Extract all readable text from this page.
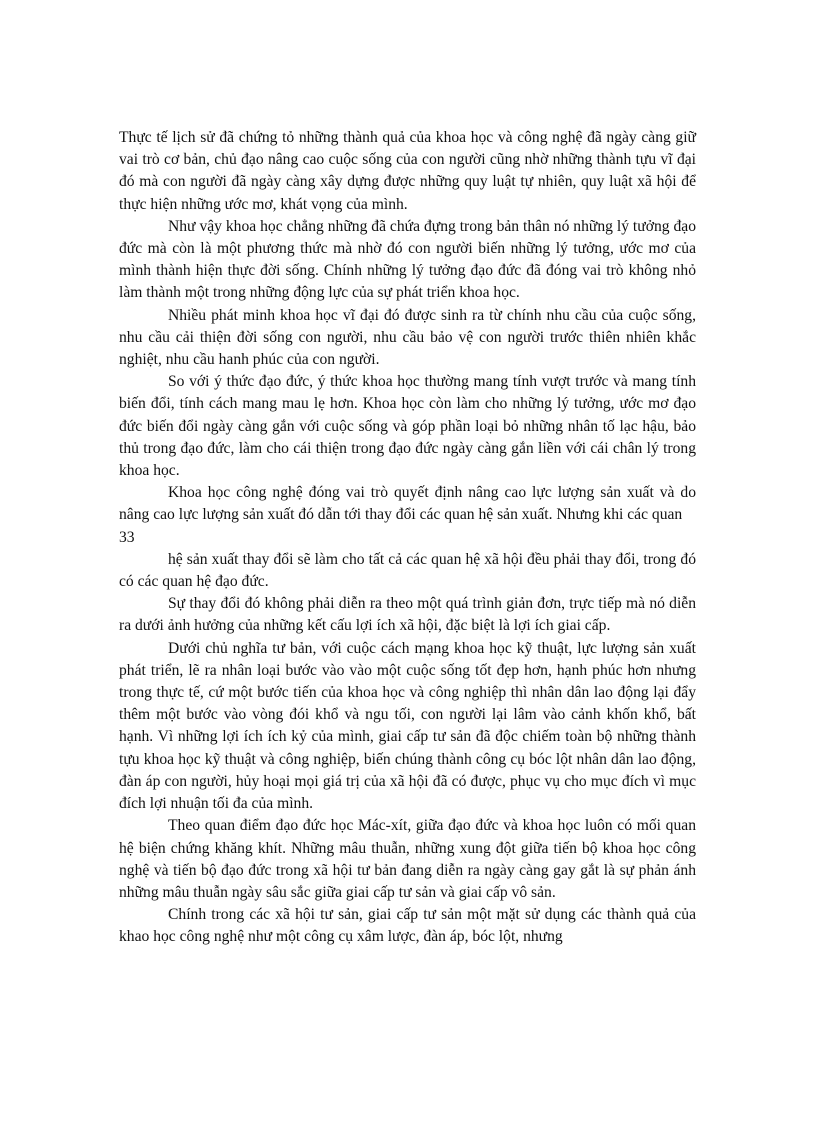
Thực tế lịch sử đã chứng tỏ những thành quả của khoa học và công nghệ đã ngày càng giữ vai trò cơ bản, chủ đạo nâng cao cuộc sống của con người cũng nhờ những thành tựu vĩ đại đó mà con người đã ngày càng xây dựng được những quy luật tự nhiên, quy luật xã hội để thực hiện những ước mơ, khát vọng của mình.

Như vậy khoa học chẳng những đã chứa đựng trong bản thân nó những lý tưởng đạo đức mà còn là một phương thức mà nhờ đó con người biến những lý tưởng, ước mơ của mình thành hiện thực đời sống. Chính những lý tưởng đạo đức đã đóng vai trò không nhỏ làm thành một trong những động lực của sự phát triển khoa học.

Nhiều phát minh khoa học vĩ đại đó được sinh ra từ chính nhu cầu của cuộc sống, nhu cầu cải thiện đời sống con người, nhu cầu bảo vệ con người trước thiên nhiên khắc nghiệt, nhu cầu hanh phúc của con người.

So với ý thức đạo đức, ý thức khoa học thường mang tính vượt trước và mang tính biến đổi, tính cách mang mau lẹ hơn. Khoa học còn làm cho những lý tưởng, ước mơ đạo đức biến đổi ngày càng gắn với cuộc sống và góp phần loại bỏ những nhân tố lạc hậu, bảo thủ trong đạo đức, làm cho cái thiện trong đạo đức ngày càng gắn liền với cái chân lý trong khoa học.

Khoa học công nghệ đóng vai trò quyết định nâng cao lực lượng sản xuất và do nâng cao lực lượng sản xuất đó dẫn tới thay đổi các quan hệ sản xuất. Nhưng khi các quan

33

hệ sản xuất thay đổi sẽ làm cho tất cả các quan hệ xã hội đều phải thay đổi, trong đó có các quan hệ đạo đức.

Sự thay đổi đó không phải diễn ra theo một quá trình giản đơn, trực tiếp mà nó diễn ra dưới ảnh hưởng của những kết cấu lợi ích xã hội, đặc biệt là lợi ích giai cấp.

Dưới chủ nghĩa tư bản, với cuộc cách mạng khoa học kỹ thuật, lực lượng sản xuất phát triển, lẽ ra nhân loại bước vào vào một cuộc sống tốt đẹp hơn, hạnh phúc hơn nhưng trong thực tế, cứ một bước tiến của khoa học và công nghiệp thì nhân dân lao động lại đẩy thêm một bước vào vòng đói khổ và ngu tối, con người lại lâm vào cảnh khốn khổ, bất hạnh. Vì những lợi ích ích kỷ của mình, giai cấp tư sản đã độc chiếm toàn bộ những thành tựu khoa học kỹ thuật và công nghiệp, biến chúng thành công cụ bóc lột nhân dân lao động, đàn áp con người, hủy hoại mọi giá trị của xã hội đã có được, phục vụ cho mục đích vì mục đích lợi nhuận tối đa của mình.

Theo quan điểm đạo đức học Mác-xít, giữa đạo đức và khoa học luôn có mối quan hệ biện chứng khăng khít. Những mâu thuẫn, những xung đột giữa tiến bộ khoa học công nghệ và tiến bộ đạo đức trong xã hội tư bản đang diễn ra ngày càng gay gắt là sự phản ánh những mâu thuẫn ngày sâu sắc giữa giai cấp tư sản và giai cấp vô sản.

Chính trong các xã hội tư sản, giai cấp tư sản một mặt sử dụng các thành quả của khao học công nghệ như một công cụ xâm lược, đàn áp, bóc lột, nhưng
